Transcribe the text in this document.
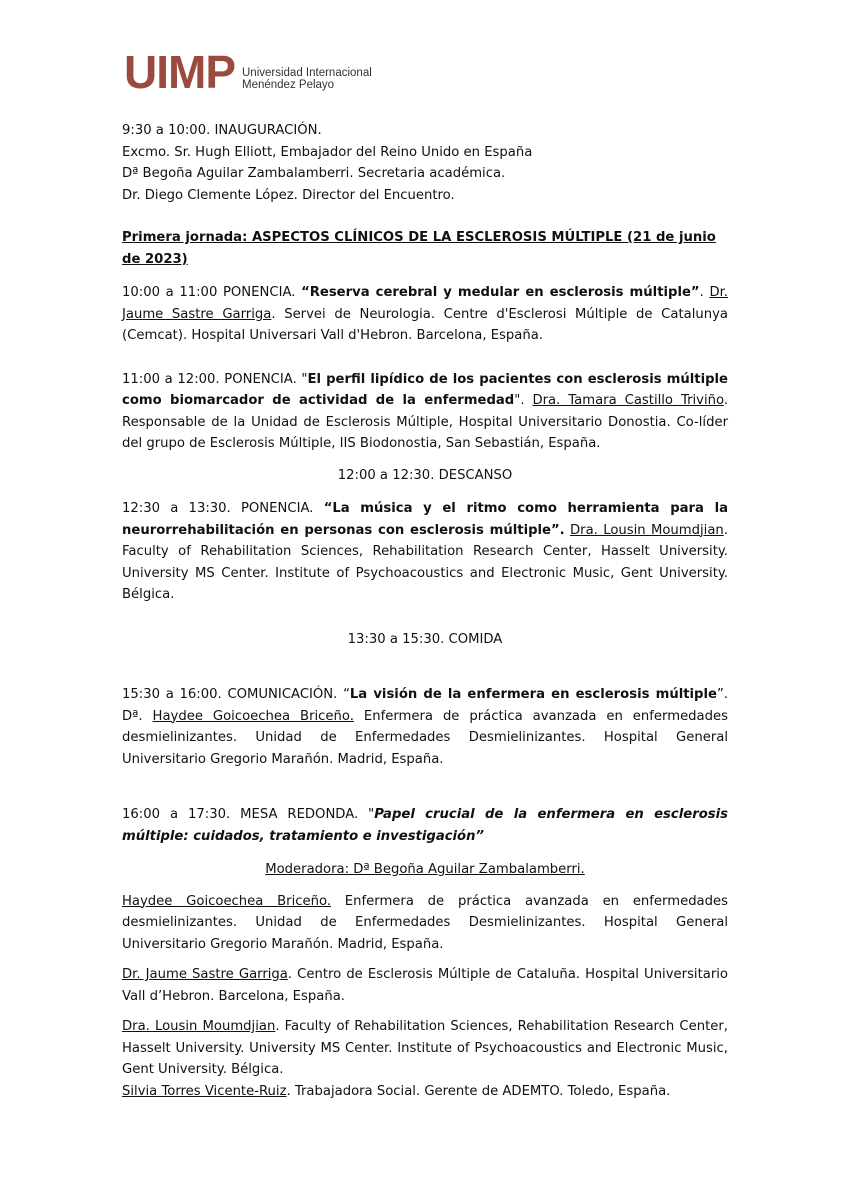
UIMP Universidad Internacional
Menéndez Pelayo

9:30 a 10:00. INAUGURACIÓN.

Excmo. Sr. Hugh Elliott, Embajador del Reino Unido en España

Dª Begoña Aguilar Zambalamberri. Secretaria académica.

Dr. Diego Clemente López. Director del Encuentro.

Primera jornada: ASPECTOS CLÍNICOS DE LA ESCLEROSIS MÚLTIPLE (21 de junio de 2023)

10:00 a 11:00 PONENCIA. “Reserva cerebral y medular en esclerosis múltiple”. Dr. Jaume Sastre Garriga. Servei de Neurologia. Centre d'Esclerosi Múltiple de Catalunya (Cemcat). Hospital Universari Vall d'Hebron. Barcelona, España.

11:00 a 12:00. PONENCIA. "El perfil lipídico de los pacientes con esclerosis múltiple como biomarcador de actividad de la enfermedad". Dra. Tamara Castillo Triviño. Responsable de la Unidad de Esclerosis Múltiple, Hospital Universitario Donostia. Co-líder del grupo de Esclerosis Múltiple, IIS Biodonostia, San Sebastián, España.

12:00 a 12:30. DESCANSO

12:30 a 13:30. PONENCIA. “La música y el ritmo como herramienta para la neurorrehabilitación en personas con esclerosis múltiple”. Dra. Lousin Moumdjian. Faculty of Rehabilitation Sciences, Rehabilitation Research Center, Hasselt University. University MS Center. Institute of Psychoacoustics and Electronic Music, Gent University. Bélgica.

13:30 a 15:30. COMIDA

15:30 a 16:00. COMUNICACIÓN. “La visión de la enfermera en esclerosis múltiple”. Dª. Haydee Goicoechea Briceño. Enfermera de práctica avanzada en enfermedades desmielinizantes. Unidad de Enfermedades Desmielinizantes. Hospital General Universitario Gregorio Marañón. Madrid, España.

16:00 a 17:30. MESA REDONDA. "Papel crucial de la enfermera en esclerosis múltiple: cuidados, tratamiento e investigación”

Moderadora: Dª Begoña Aguilar Zambalamberri.

Haydee Goicoechea Briceño. Enfermera de práctica avanzada en enfermedades desmielinizantes. Unidad de Enfermedades Desmielinizantes. Hospital General Universitario Gregorio Marañón. Madrid, España.

Dr. Jaume Sastre Garriga. Centro de Esclerosis Múltiple de Cataluña. Hospital Universitario Vall d’Hebron. Barcelona, España.

Dra. Lousin Moumdjian. Faculty of Rehabilitation Sciences, Rehabilitation Research Center, Hasselt University. University MS Center. Institute of Psychoacoustics and Electronic Music, Gent University. Bélgica.

Silvia Torres Vicente-Ruiz. Trabajadora Social. Gerente de ADEMTO. Toledo, España.
